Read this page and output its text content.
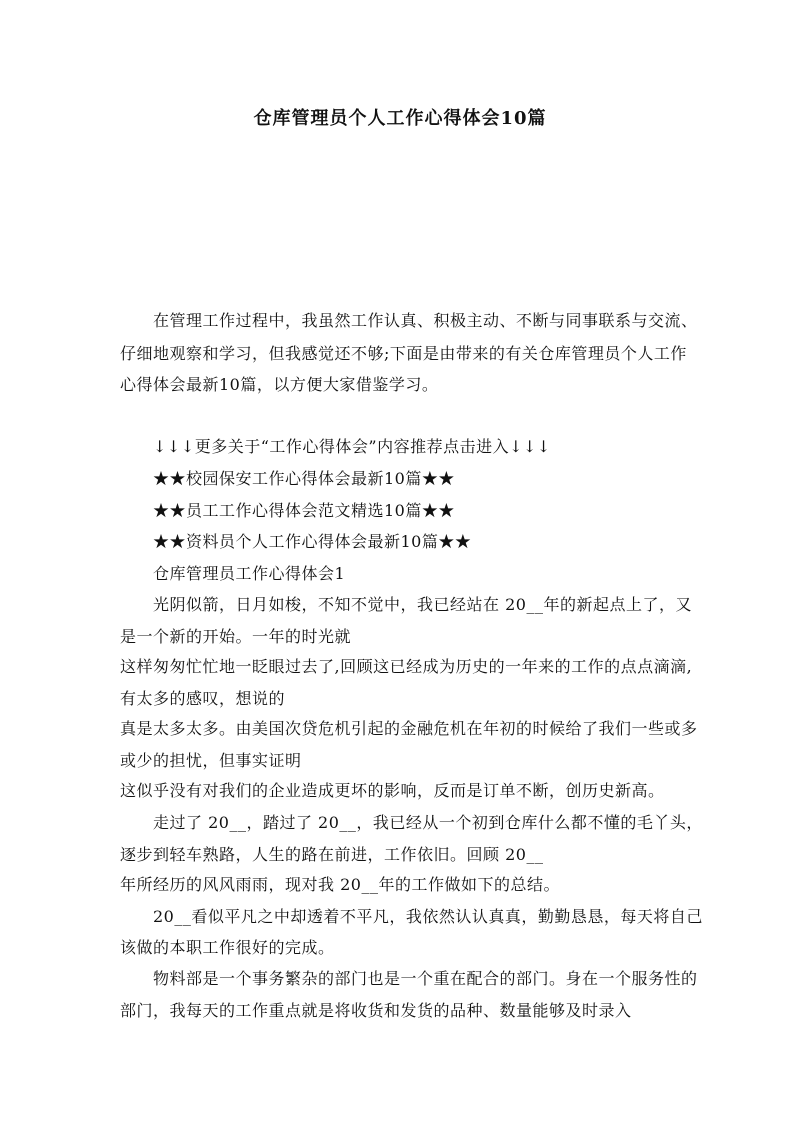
仓库管理员个人工作心得体会10篇
在管理工作过程中，我虽然工作认真、积极主动、不断与同事联系与交流、
仔细地观察和学习，但我感觉还不够;下面是由带来的有关仓库管理员个人工作
心得体会最新10篇，以方便大家借鉴学习。
↓↓↓更多关于“工作心得体会”内容推荐点击进入↓↓↓
★★校园保安工作心得体会最新10篇★★
★★员工工作心得体会范文精选10篇★★
★★资料员个人工作心得体会最新10篇★★
仓库管理员工作心得体会1
光阴似箭，日月如梭，不知不觉中，我已经站在 20__年的新起点上了，又
是一个新的开始。一年的时光就
这样匆匆忙忙地一眨眼过去了,回顾这已经成为历史的一年来的工作的点点滴滴,
有太多的感叹，想说的
真是太多太多。由美国次贷危机引起的金融危机在年初的时候给了我们一些或多
或少的担忧，但事实证明
这似乎没有对我们的企业造成更坏的影响，反而是订单不断，创历史新高。
走过了 20__，踏过了 20__，我已经从一个初到仓库什么都不懂的毛丫头，
逐步到轻车熟路，人生的路在前进，工作依旧。回顾 20__
年所经历的风风雨雨，现对我 20__年的工作做如下的总结。
20__看似平凡之中却透着不平凡，我依然认认真真，勤勤恳恳，每天将自己
该做的本职工作很好的完成。
物料部是一个事务繁杂的部门也是一个重在配合的部门。身在一个服务性的
部门，我每天的工作重点就是将收货和发货的品种、数量能够及时录入
